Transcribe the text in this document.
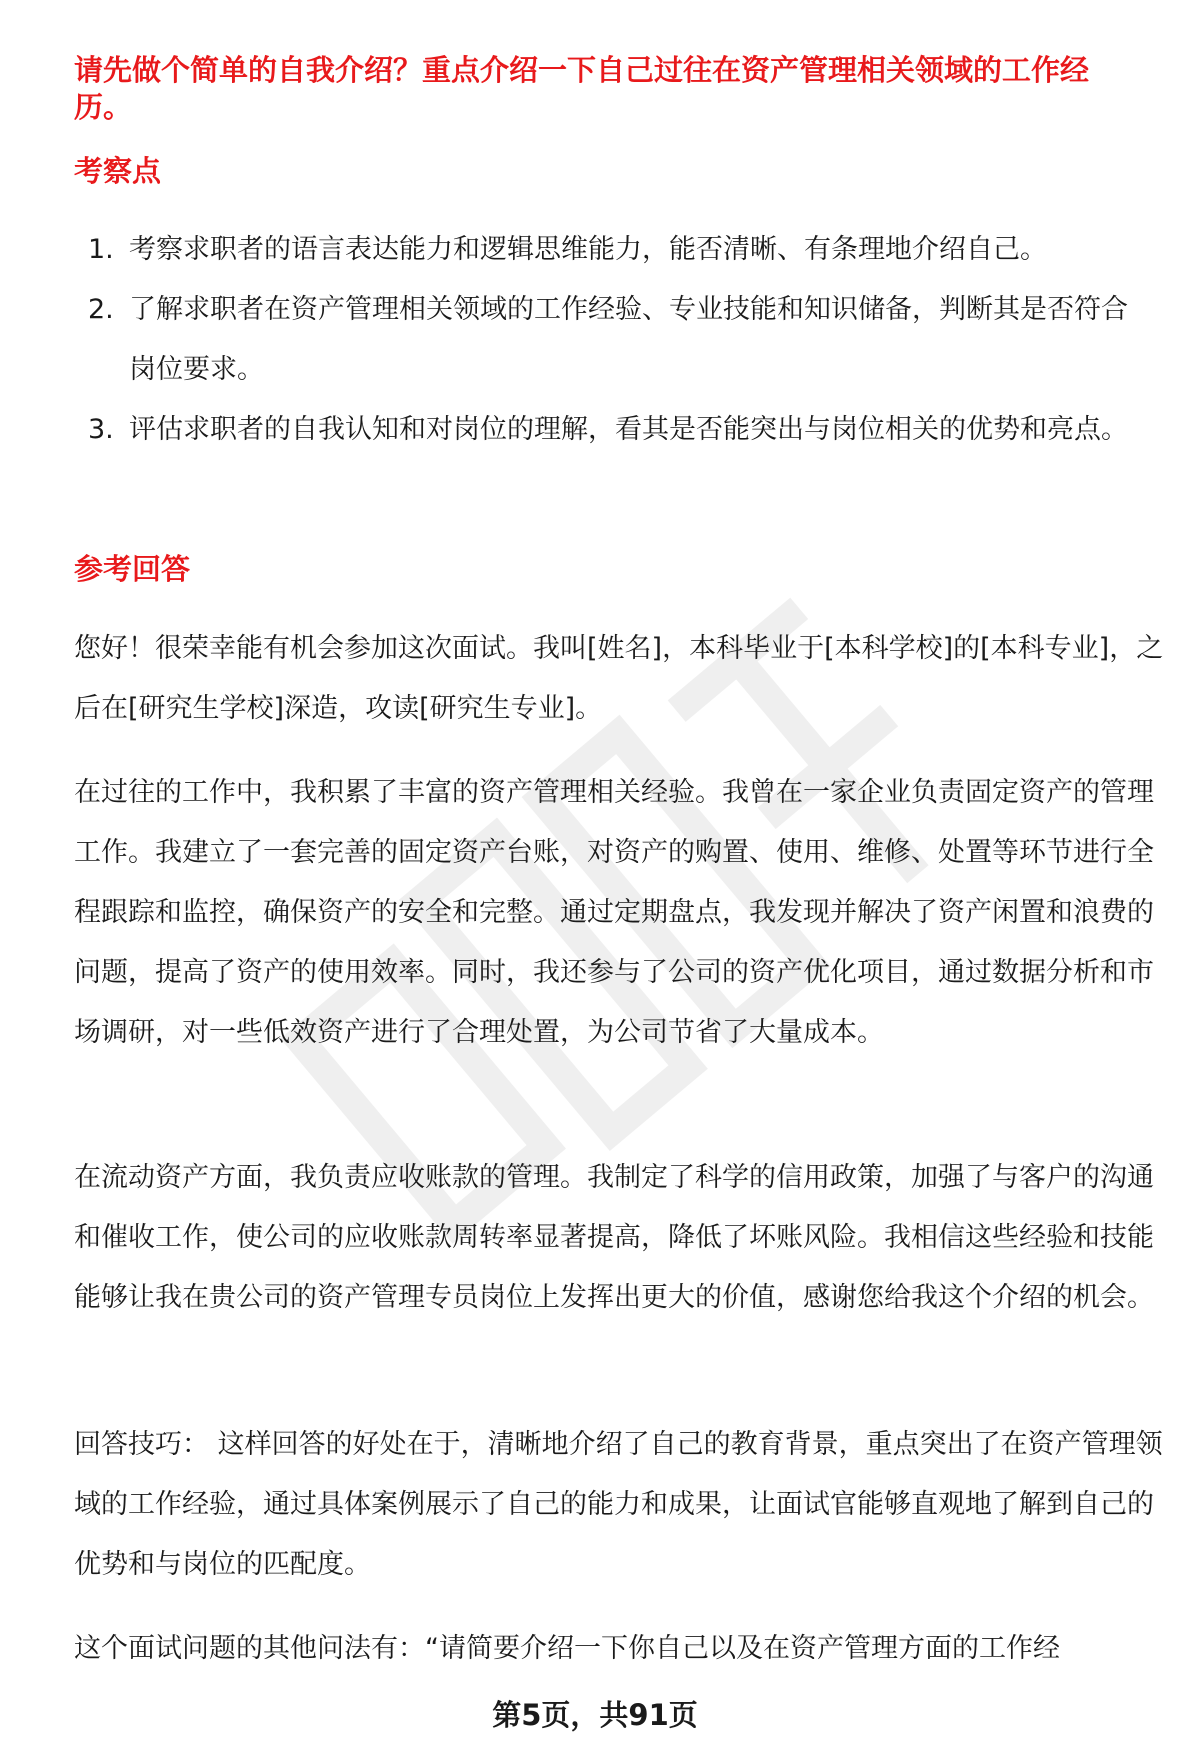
请先做个简单的自我介绍？重点介绍一下自己过往在资产管理相关领域的工作经历。
考察点
1. 考察求职者的语言表达能力和逻辑思维能力，能否清晰、有条理地介绍自己。
2. 了解求职者在资产管理相关领域的工作经验、专业技能和知识储备，判断其是否符合岗位要求。
3. 评估求职者的自我认知和对岗位的理解，看其是否能突出与岗位相关的优势和亮点。
参考回答

您好！很荣幸能有机会参加这次面试。我叫[姓名]，本科毕业于[本科学校]的[本科专业]，之后在[研究生学校]深造，攻读[研究生专业]。

在过往的工作中，我积累了丰富的资产管理相关经验。我曾在一家企业负责固定资产的管理工作。我建立了一套完善的固定资产台账，对资产的购置、使用、维修、处置等环节进行全程跟踪和监控，确保资产的安全和完整。通过定期盘点，我发现并解决了资产闲置和浪费的问题，提高了资产的使用效率。同时，我还参与了公司的资产优化项目，通过数据分析和市场调研，对一些低效资产进行了合理处置，为公司节省了大量成本。

在流动资产方面，我负责应收账款的管理。我制定了科学的信用政策，加强了与客户的沟通和催收工作，使公司的应收账款周转率显著提高，降低了坏账风险。我相信这些经验和技能能够让我在贵公司的资产管理专员岗位上发挥出更大的价值，感谢您给我这个介绍的机会。

回答技巧： 这样回答的好处在于，清晰地介绍了自己的教育背景，重点突出了在资产管理领域的工作经验，通过具体案例展示了自己的能力和成果，让面试官能够直观地了解到自己的优势和与岗位的匹配度。

这个面试问题的其他问法有：“请简要介绍一下你自己以及在资产管理方面的工作经

第5页，共91页
